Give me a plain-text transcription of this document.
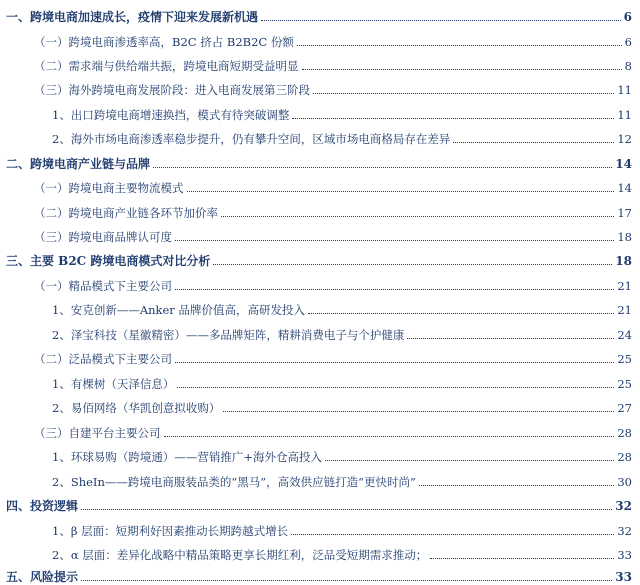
一、跨境电商加速成长，疫情下迎来发展新机遇	6
（一）跨境电商渗透率高，B2C 挤占 B2B2C 份额	6
（二）需求端与供给端共振，跨境电商短期受益明显	8
（三）海外跨境电商发展阶段：进入电商发展第三阶段	11
1、出口跨境电商增速换挡，模式有待突破调整	11
2、海外市场电商渗透率稳步提升，仍有攀升空间，区域市场电商格局存在差异	12
二、跨境电商产业链与品牌	14
（一）跨境电商主要物流模式	14
（二）跨境电商产业链各环节加价率	17
（三）跨境电商品牌认可度	18
三、主要 B2C 跨境电商模式对比分析	18
（一）精品模式下主要公司	21
1、安克创新——Anker 品牌价值高，高研发投入	21
2、泽宝科技（星徽精密）——多品牌矩阵，精耕消费电子与个护健康	24
（二）泛品模式下主要公司	25
1、有棵树（天泽信息）	25
2、易佰网络（华凯创意拟收购）	27
（三）自建平台主要公司	28
1、环球易购（跨境通）——营销推广+海外仓高投入	28
2、SheIn——跨境电商服装品类的“黑马”，高效供应链打造“更快时尚”	30
四、投资逻辑	32
1、β 层面：短期利好因素推动长期跨越式增长	32
2、α 层面：差异化战略中精品策略更享长期红利，泛品受短期需求推动；	33
五、风险提示	33
